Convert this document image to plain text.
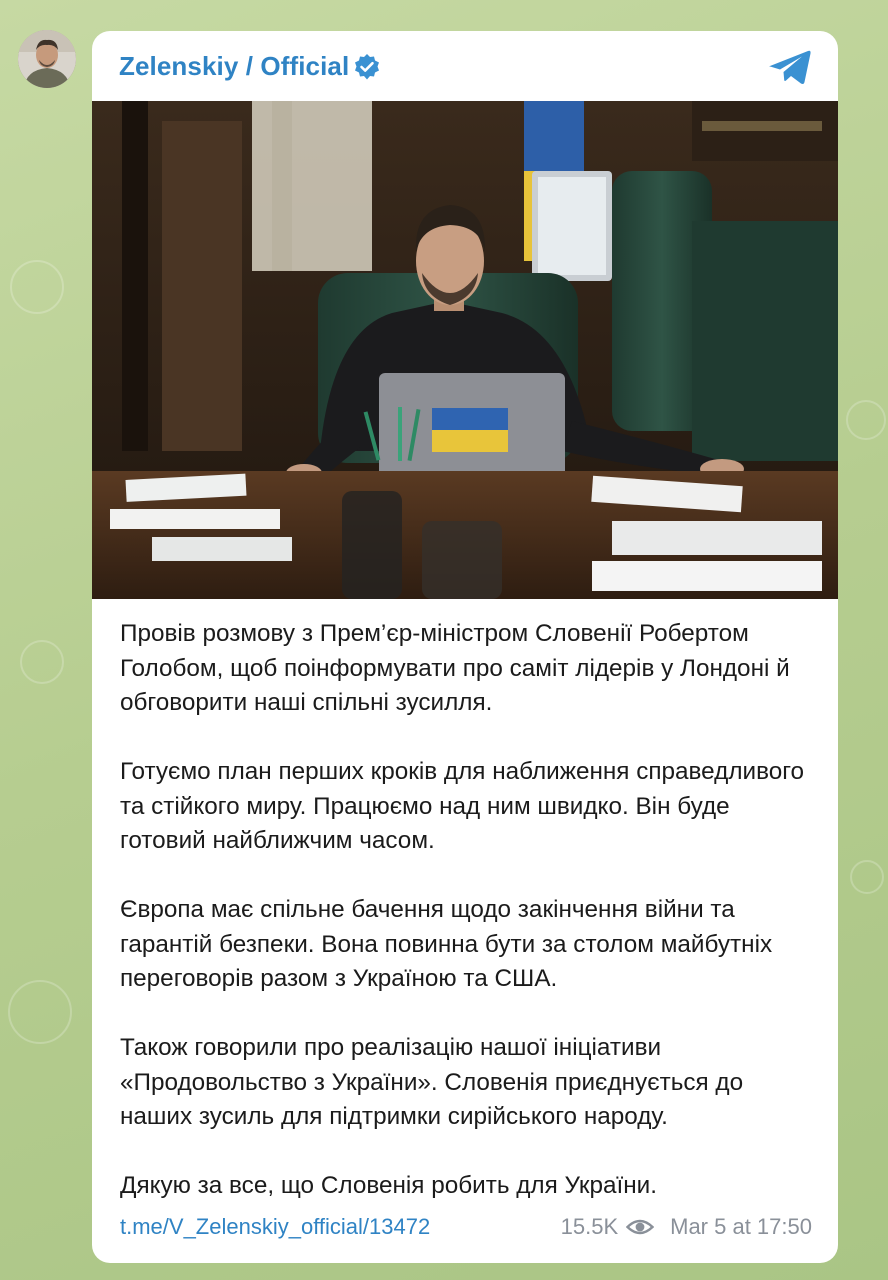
Zelenskiy / Official

Провів розмову з Прем’єр-міністром Словенії Робертом Голобом, щоб поінформувати про саміт лідерів у Лондоні й обговорити наші спільні зусилля.

Готуємо план перших кроків для наближення справедливого та стійкого миру. Працюємо над ним швидко. Він буде готовий найближчим часом.

Європа має спільне бачення щодо закінчення війни та гарантій безпеки. Вона повинна бути за столом майбутніх переговорів разом з Україною та США.

Також говорили про реалізацію нашої ініціативи «Продовольство з України». Словенія приєднується до наших зусиль для підтримки сирійського народу.

Дякую за все, що Словенія робить для України.

t.me/V_Zelenskiy_official/13472	15.5K Mar 5 at 17:50
